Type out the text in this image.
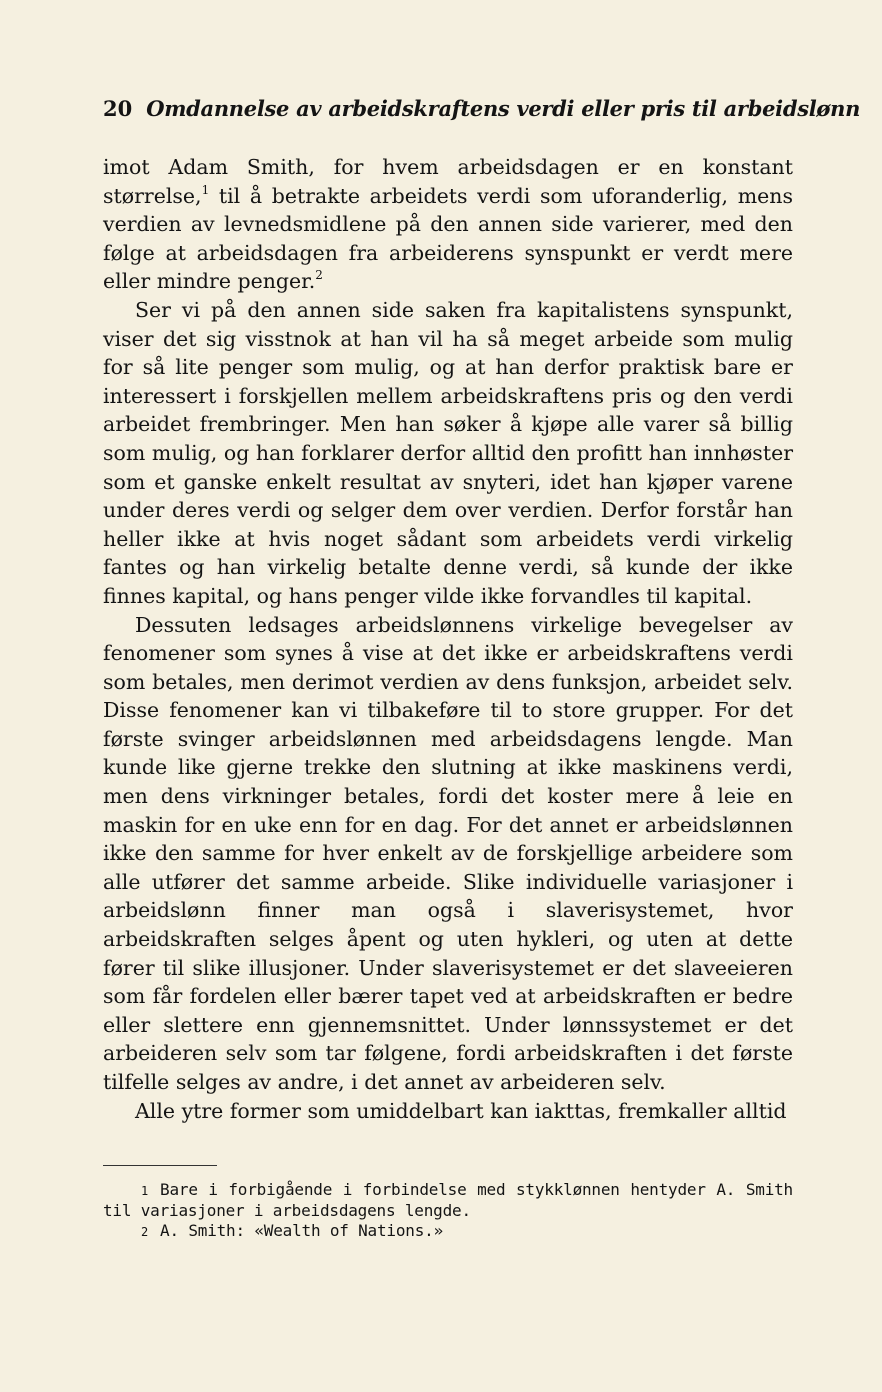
20 Omdannelse av arbeidskraftens verdi eller pris til arbeidslønn

imot Adam Smith, for hvem arbeidsdagen er en konstant størrelse,$^1$ til å betrakte arbeidets verdi som uforanderlig, mens verdien av levnedsmidlene på den annen side varierer, med den følge at arbeidsdagen fra arbeiderens synspunkt er verdt mere eller mindre penger.$^2$

Ser vi på den annen side saken fra kapitalistens synspunkt, viser det sig visstnok at han vil ha så meget arbeide som mulig for så lite penger som mulig, og at han derfor praktisk bare er interessert i forskjellen mellem arbeidskraftens pris og den verdi arbeidet frembringer. Men han søker å kjøpe alle varer så billig som mulig, og han forklarer derfor alltid den profitt han innhøster som et ganske enkelt resultat av snyteri, idet han kjøper varene under deres verdi og selger dem over verdien. Derfor forstår han heller ikke at hvis noget sådant som arbeidets verdi virkelig fantes og han virkelig betalte denne verdi, så kunde der ikke finnes kapital, og hans penger vilde ikke forvandles til kapital.

Dessuten ledsages arbeidslønnens virkelige bevegelser av fenomener som synes å vise at det ikke er arbeidskraftens verdi som betales, men derimot verdien av dens funksjon, arbeidet selv. Disse fenomener kan vi tilbakeføre til to store grupper. For det første svinger arbeidslønnen med arbeidsdagens lengde. Man kunde like gjerne trekke den slutning at ikke maskinens verdi, men dens virkninger betales, fordi det koster mere å leie en maskin for en uke enn for en dag. For det annet er arbeidslønnen ikke den samme for hver enkelt av de forskjellige arbeidere som alle utfører det samme arbeide. Slike individuelle variasjoner i arbeidslønn finner man også i slaverisystemet, hvor arbeidskraften selges åpent og uten hykleri, og uten at dette fører til slike illusjoner. Under slaverisystemet er det slaveeieren som får fordelen eller bærer tapet ved at arbeidskraften er bedre eller slettere enn gjennemsnittet. Under lønnssystemet er det arbeideren selv som tar følgene, fordi arbeidskraften i det første tilfelle selges av andre, i det annet av arbeideren selv.

Alle ytre former som umiddelbart kan iakttas, fremkaller alltid

1 Bare i forbigående i forbindelse med stykklønnen hentyder A. Smith til variasjoner i arbeidsdagens lengde.

2 A. Smith: «Wealth of Nations.»
